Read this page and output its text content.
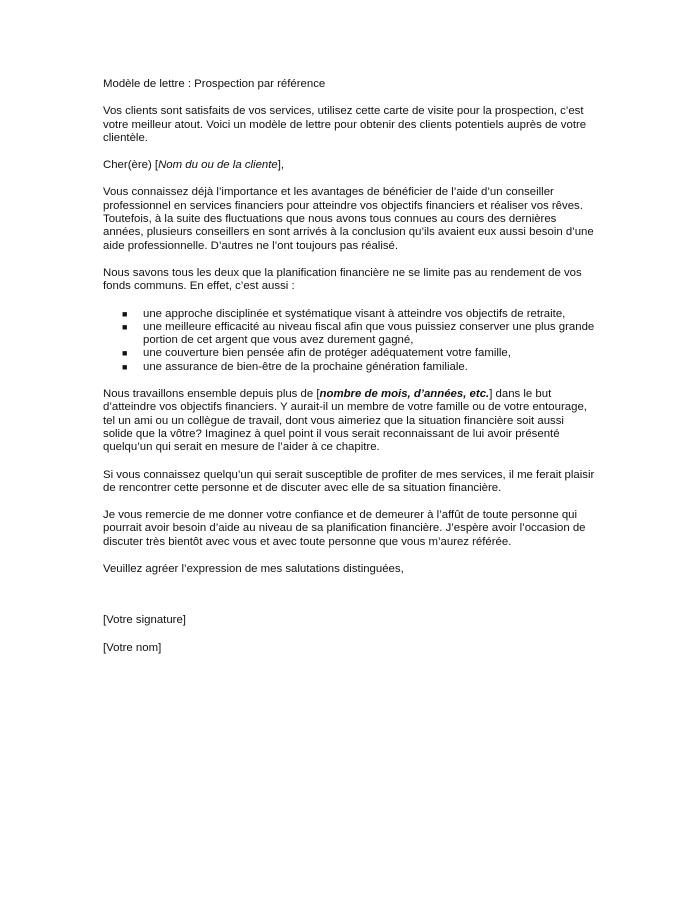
Modèle de lettre : Prospection par référence

Vos clients sont satisfaits de vos services, utilisez cette carte de visite pour la prospection, c’est votre meilleur atout. Voici un modèle de lettre pour obtenir des clients potentiels auprès de votre clientèle.

Cher(ère) [Nom du ou de la cliente],

Vous connaissez déjà l’importance et les avantages de bénéficier de l’aide d’un conseiller professionnel en services financiers pour atteindre vos objectifs financiers et réaliser vos rêves. Toutefois, à la suite des fluctuations que nous avons tous connues au cours des dernières années, plusieurs conseillers en sont arrivés à la conclusion qu’ils avaient eux aussi besoin d’une aide professionnelle. D’autres ne l’ont toujours pas réalisé.

Nous savons tous les deux que la planification financière ne se limite pas au rendement de vos fonds communs. En effet, c’est aussi :

■ une approche disciplinée et systématique visant à atteindre vos objectifs de retraite,
■ une meilleure efficacité au niveau fiscal afin que vous puissiez conserver une plus grande portion de cet argent que vous avez durement gagné,
■ une couverture bien pensée afin de protéger adéquatement votre famille,
■ une assurance de bien-être de la prochaine génération familiale.

Nous travaillons ensemble depuis plus de [nombre de mois, d’années, etc.] dans le but d’atteindre vos objectifs financiers. Y aurait-il un membre de votre famille ou de votre entourage, tel un ami ou un collègue de travail, dont vous aimeriez que la situation financière soit aussi solide que la vôtre? Imaginez à quel point il vous serait reconnaissant de lui avoir présenté quelqu’un qui serait en mesure de l’aider à ce chapitre.

Si vous connaissez quelqu’un qui serait susceptible de profiter de mes services, il me ferait plaisir de rencontrer cette personne et de discuter avec elle de sa situation financière.

Je vous remercie de me donner votre confiance et de demeurer à l’affût de toute personne qui pourrait avoir besoin d’aide au niveau de sa planification financière. J’espère avoir l’occasion de discuter très bientôt avec vous et avec toute personne que vous m’aurez référée.

Veuillez agréer l’expression de mes salutations distinguées,

[Votre signature]

[Votre nom]
